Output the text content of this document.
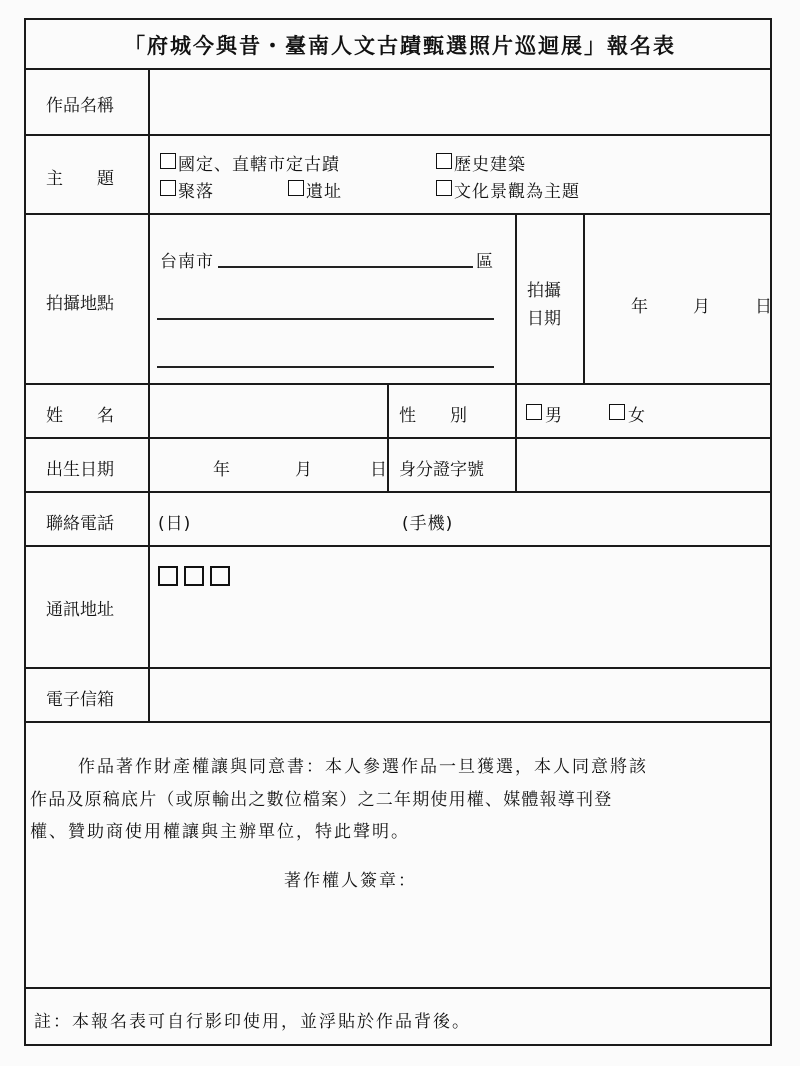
「府城今與昔・臺南人文古蹟甄選照片巡迴展」報名表
作品名稱
主　　題
國定、直轄市定古蹟	歷史建築
聚落	遺址	文化景觀為主題
拍攝地點
台南市	區
拍攝
日期
年	月	日
姓　　名	性　　別	男	女
出生日期	年	月	日 身分證字號
聯絡電話	(日)	(手機)
通訊地址
電子信箱
作品著作財產權讓與同意書：本人參選作品一旦獲選，本人同意將該
作品及原稿底片（或原輸出之數位檔案）之二年期使用權、媒體報導刊登
權、贊助商使用權讓與主辦單位，特此聲明。
著作權人簽章：
註：本報名表可自行影印使用，並浮貼於作品背後。
